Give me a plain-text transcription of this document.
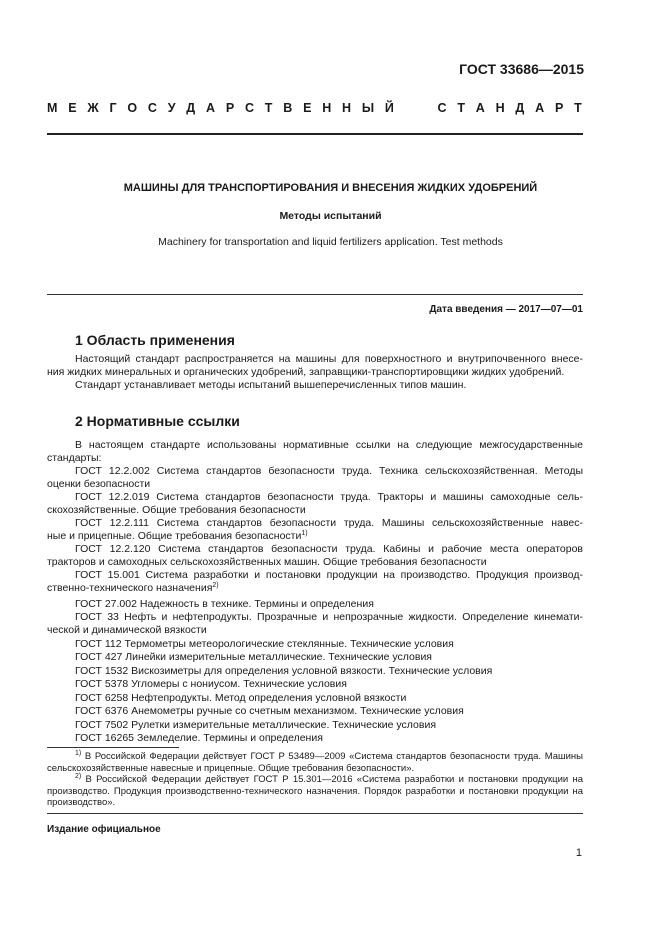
ГОСТ 33686—2015
М Е Ж Г О С У Д А Р С Т В Е Н Н Ы Й	С Т А Н Д А Р Т
МАШИНЫ ДЛЯ ТРАНСПОРТИРОВАНИЯ И ВНЕСЕНИЯ ЖИДКИХ УДОБРЕНИЙ
Методы испытаний
Machinery for transportation and liquid fertilizers application. Test methods
Дата введения — 2017—07—01
1 Область применения
Настоящий стандарт распространяется на машины для поверхностного и внутрипочвенного внесе-
ния жидких минеральных и органических удобрений, заправщики-транспортировщики жидких удобрений.
Стандарт устанавливает методы испытаний вышеперечисленных типов машин.
2 Нормативные ссылки
В настоящем стандарте использованы нормативные ссылки на следующие межгосударственные
стандарты:
ГОСТ 12.2.002 Система стандартов безопасности труда. Техника сельскохозяйственная. Методы
оценки безопасности
ГОСТ 12.2.019 Система стандартов безопасности труда. Тракторы и машины самоходные сель-
скохозяйственные. Общие требования безопасности
ГОСТ 12.2.111 Система стандартов безопасности труда. Машины сельскохозяйственные навес-
ные и прицепные. Общие требования безопасности$^{1)}$
ГОСТ 12.2.120 Система стандартов безопасности труда. Кабины и рабочие места операторов
тракторов и самоходных сельскохозяйственных машин. Общие требования безопасности
ГОСТ 15.001 Система разработки и постановки продукции на производство. Продукция производ-
ственно-технического назначения$^{2)}$
ГОСТ 27.002 Надежность в технике. Термины и определения
ГОСТ 33 Нефть и нефтепродукты. Прозрачные и непрозрачные жидкости. Определение кинемати-
ческой и динамической вязкости
ГОСТ 112 Термометры метеорологические стеклянные. Технические условия
ГОСТ 427 Линейки измерительные металлические. Технические условия
ГОСТ 1532 Вискозиметры для определения условной вязкости. Технические условия
ГОСТ 5378 Угломеры с нониусом. Технические условия
ГОСТ 6258 Нефтепродукты. Метод определения условной вязкости
ГОСТ 6376 Анемометры ручные со счетным механизмом. Технические условия
ГОСТ 7502 Рулетки измерительные металлические. Технические условия
ГОСТ 16265 Земледелие. Термины и определения
$^{1)}$ В Российской Федерации действует ГОСТ Р 53489—2009 «Система стандартов безопасности труда. Машины сельскохозяйственные навесные и прицепные. Общие требования безопасности».
$^{2)}$ В Российской Федерации действует ГОСТ Р 15.301—2016 «Система разработки и постановки продукции на производство. Продукция производственно-технического назначения. Порядок разработки и постановки продукции на производство».
Издание официальное
1
